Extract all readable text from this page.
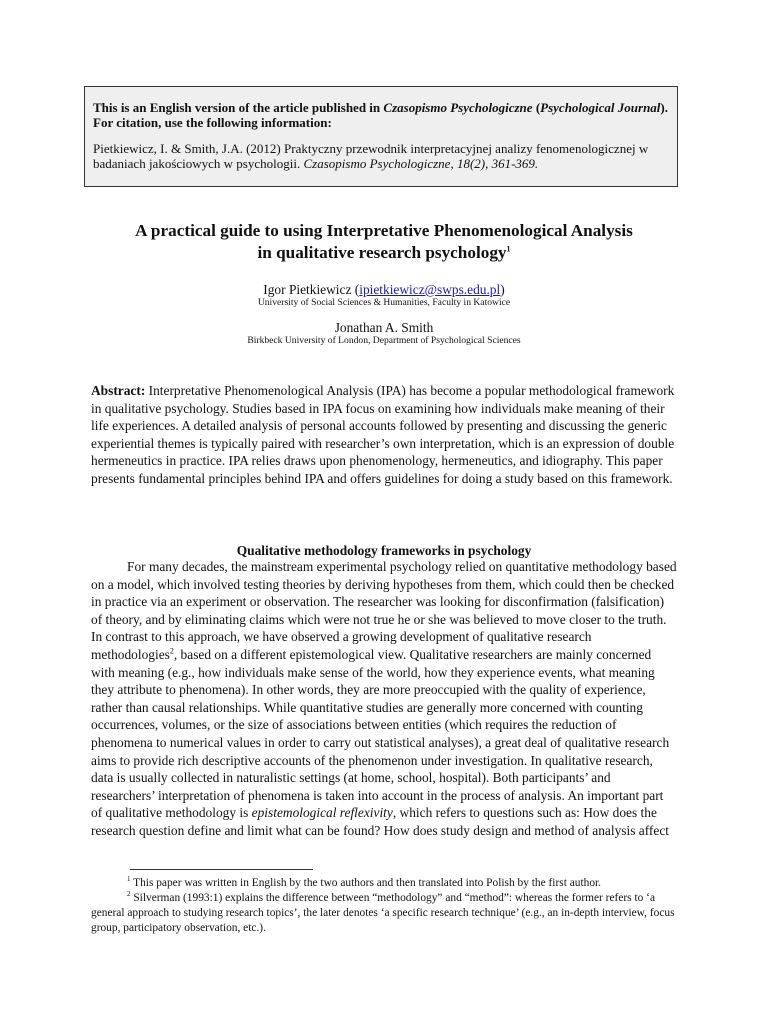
This is an English version of the article published in Czasopismo Psychologiczne (Psychological Journal).
For citation, use the following information:
Pietkiewicz, I. & Smith, J.A. (2012) Praktyczny przewodnik interpretacyjnej analizy fenomenologicznej w badaniach jakościowych w psychologii. Czasopismo Psychologiczne, 18(2), 361-369.
A practical guide to using Interpretative Phenomenological Analysis
in qualitative research psychology$^1$
Igor Pietkiewicz (ipietkiewicz@swps.edu.pl)
University of Social Sciences & Humanities, Faculty in Katowice
Jonathan A. Smith
Birkbeck University of London, Department of Psychological Sciences
Abstract: Interpretative Phenomenological Analysis (IPA) has become a popular methodological framework in qualitative psychology. Studies based in IPA focus on examining how individuals make meaning of their life experiences. A detailed analysis of personal accounts followed by presenting and discussing the generic experiential themes is typically paired with researcher’s own interpretation, which is an expression of double hermeneutics in practice. IPA relies draws upon phenomenology, hermeneutics, and idiography. This paper presents fundamental principles behind IPA and offers guidelines for doing a study based on this framework.
Qualitative methodology frameworks in psychology
For many decades, the mainstream experimental psychology relied on quantitative methodology based on a model, which involved testing theories by deriving hypotheses from them, which could then be checked in practice via an experiment or observation. The researcher was looking for disconfirmation (falsification) of theory, and by eliminating claims which were not true he or she was believed to move closer to the truth. In contrast to this approach, we have observed a growing development of qualitative research methodologies$^2$, based on a different epistemological view. Qualitative researchers are mainly concerned with meaning (e.g., how individuals make sense of the world, how they experience events, what meaning they attribute to phenomena). In other words, they are more preoccupied with the quality of experience, rather than causal relationships. While quantitative studies are generally more concerned with counting occurrences, volumes, or the size of associations between entities (which requires the reduction of phenomena to numerical values in order to carry out statistical analyses), a great deal of qualitative research aims to provide rich descriptive accounts of the phenomenon under investigation. In qualitative research, data is usually collected in naturalistic settings (at home, school, hospital). Both participants’ and researchers’ interpretation of phenomena is taken into account in the process of analysis. An important part of qualitative methodology is epistemological reflexivity, which refers to questions such as: How does the research question define and limit what can be found? How does study design and method of analysis affect
$^1$ This paper was written in English by the two authors and then translated into Polish by the first author.
$^2$ Silverman (1993:1) explains the difference between “methodology” and “method”: whereas the former refers to ‘a general approach to studying research topics’, the later denotes ‘a specific research technique’ (e.g., an in-depth interview, focus group, participatory observation, etc.).
